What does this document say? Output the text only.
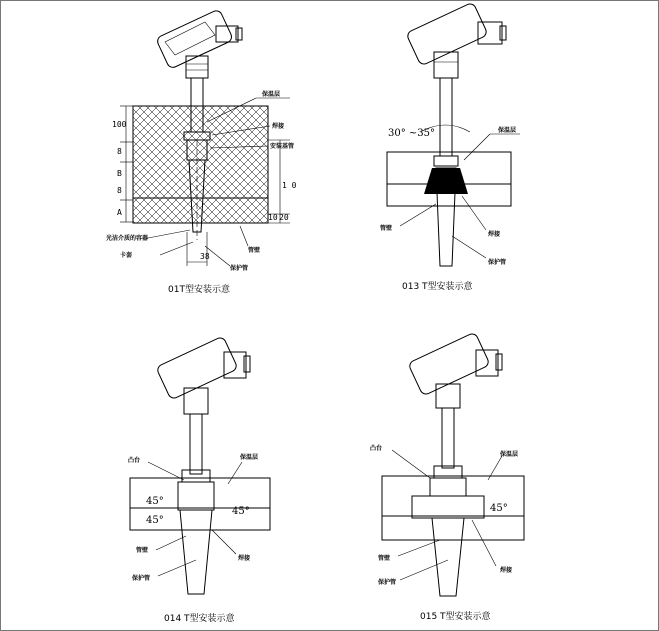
100
8
B
8
A
1 0
10 20
38
保温层
焊接
安装基管
光洁介质的容器
卡套
管壁
保护管
01T型安装示意
30° ~35°	保温层
管壁
焊接
保护管
013 T型安装示意
45°
45°
45°
凸台	保温层
管壁
焊接
保护管
014 T型安装示意
45°
凸台
保温层
管壁
保护管
焊接
015 T型安装示意
